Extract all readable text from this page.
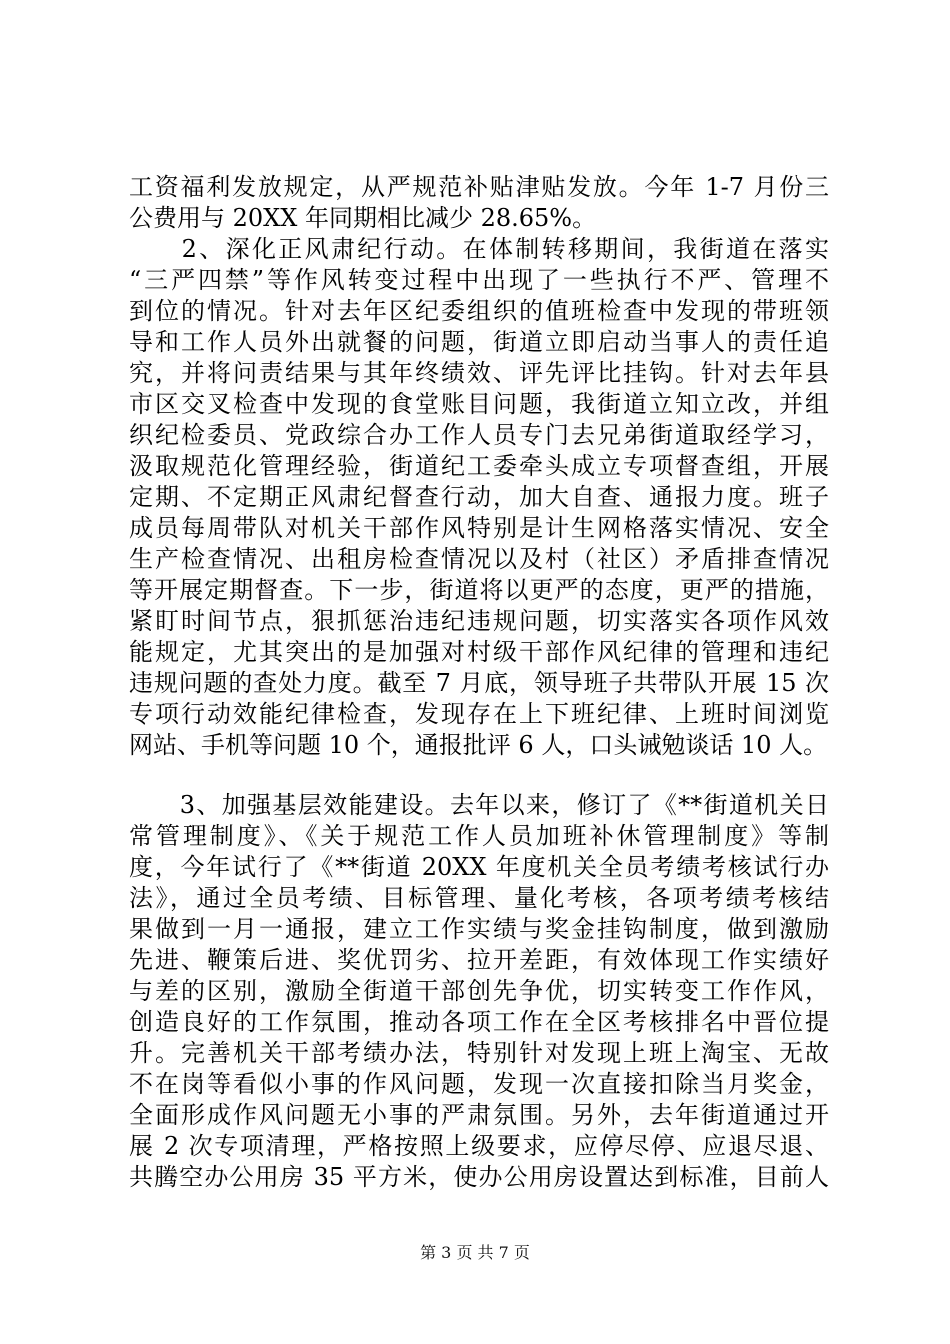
工资福利发放规定，从严规范补贴津贴发放。今年 1-7 月份三
公费用与 20XX 年同期相比减少 28.65%。

　　2、深化正风肃纪行动。在体制转移期间，我街道在落实
“三严四禁”等作风转变过程中出现了一些执行不严、管理不
到位的情况。针对去年区纪委组织的值班检查中发现的带班领
导和工作人员外出就餐的问题，街道立即启动当事人的责任追
究，并将问责结果与其年终绩效、评先评比挂钩。针对去年县
市区交叉检查中发现的食堂账目问题，我街道立知立改，并组
织纪检委员、党政综合办工作人员专门去兄弟街道取经学习，
汲取规范化管理经验，街道纪工委牵头成立专项督查组，开展
定期、不定期正风肃纪督查行动，加大自查、通报力度。班子
成员每周带队对机关干部作风特别是计生网格落实情况、安全
生产检查情况、出租房检查情况以及村（社区）矛盾排查情况
等开展定期督查。下一步，街道将以更严的态度，更严的措施，
紧盯时间节点，狠抓惩治违纪违规问题，切实落实各项作风效
能规定，尤其突出的是加强对村级干部作风纪律的管理和违纪
违规问题的查处力度。截至 7 月底，领导班子共带队开展 15 次
专项行动效能纪律检查，发现存在上下班纪律、上班时间浏览
网站、手机等问题 10 个，通报批评 6 人，口头诫勉谈话 10 人。

　　3、加强基层效能建设。去年以来，修订了《**街道机关日
常管理制度》、《关于规范工作人员加班补休管理制度》等制
度，今年试行了《**街道 20XX 年度机关全员考绩考核试行办
法》，通过全员考绩、目标管理、量化考核，各项考绩考核结
果做到一月一通报，建立工作实绩与奖金挂钩制度，做到激励
先进、鞭策后进、奖优罚劣、拉开差距，有效体现工作实绩好
与差的区别，激励全街道干部创先争优，切实转变工作作风，
创造良好的工作氛围，推动各项工作在全区考核排名中晋位提
升。完善机关干部考绩办法，特别针对发现上班上淘宝、无故
不在岗等看似小事的作风问题，发现一次直接扣除当月奖金，
全面形成作风问题无小事的严肃氛围。另外，去年街道通过开
展 2 次专项清理，严格按照上级要求，应停尽停、应退尽退、
共腾空办公用房 35 平方米，使办公用房设置达到标准，目前人

第 3 页 共 7 页
